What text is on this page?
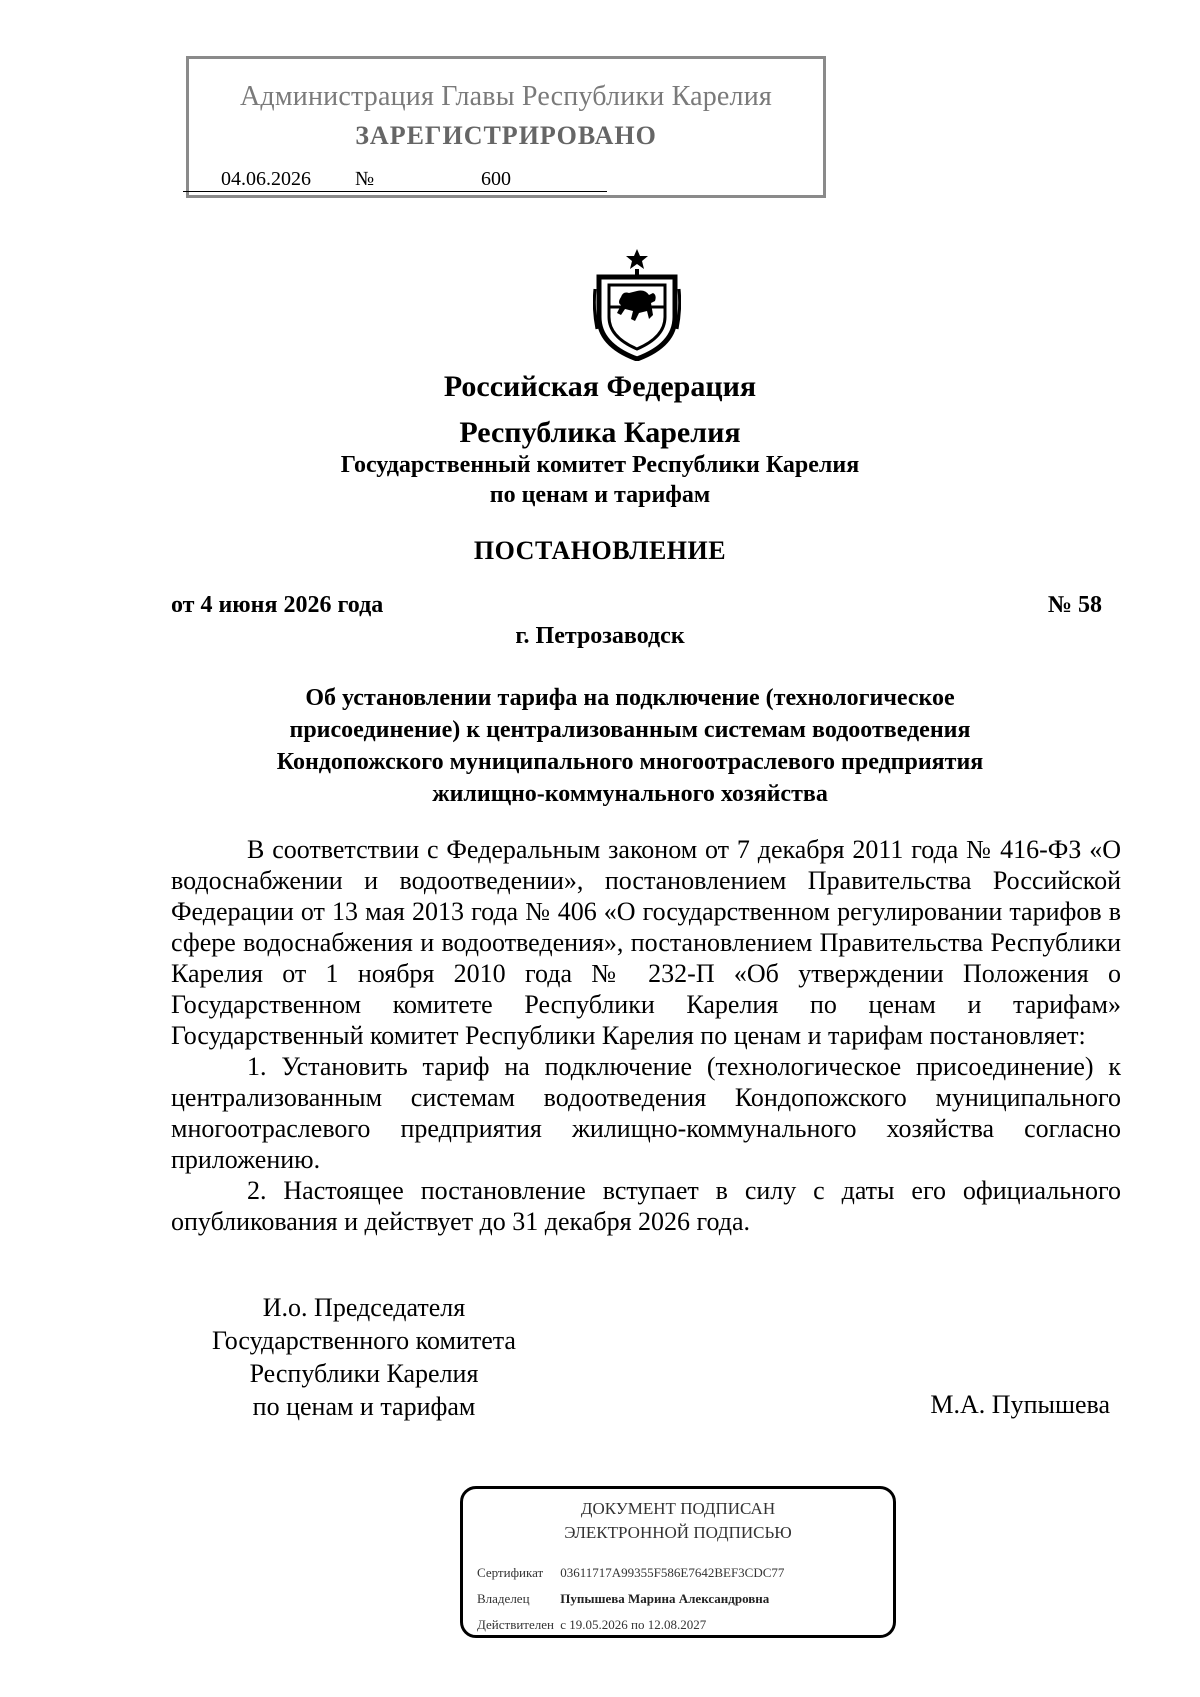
Администрация Главы Республики Карелия
ЗАРЕГИСТРИРОВАНО
04.06.2026 №	600
Российская Федерация
Республика Карелия
Государственный комитет Республики Карелия
по ценам и тарифам
ПОСТАНОВЛЕНИЕ
от 4 июня 2026 года	№ 58
г. Петрозаводск
Об установлении тарифа на подключение (технологическое
присоединение) к централизованным системам водоотведения
Кондопожского муниципального многоотраслевого предприятия
жилищно-коммунального хозяйства

В соответствии с Федеральным законом от 7 декабря 2011 года № 416-ФЗ «О водоснабжении и водоотведении», постановлением Правительства Российской Федерации от 13 мая 2013 года № 406 «О государственном регулировании тарифов в сфере водоснабжения и водоотведения», постановлением Правительства Республики Карелия от 1 ноября 2010 года № 232-П «Об утверждении Положения о Государственном комитете Республики Карелия по ценам и тарифам» Государственный комитет Республики Карелия по ценам и тарифам постановляет:

1. Установить тариф на подключение (технологическое присоединение) к централизованным системам водоотведения Кондопожского муниципального многоотраслевого предприятия жилищно-коммунального хозяйства согласно приложению.

2. Настоящее постановление вступает в силу с даты его официального опубликования и действует до 31 декабря 2026 года.

И.о. Председателя
Государственного комитета
Республики Карелия
по ценам и тарифам	М.А. Пупышева
ДОКУМЕНТ ПОДПИСАН
ЭЛЕКТРОННОЙ ПОДПИСЬЮ
Сертификат 03611717A99355F586E7642BEF3CDC77
Владелец Пупышева Марина Александровна
Действителен с 19.05.2026 по 12.08.2027
